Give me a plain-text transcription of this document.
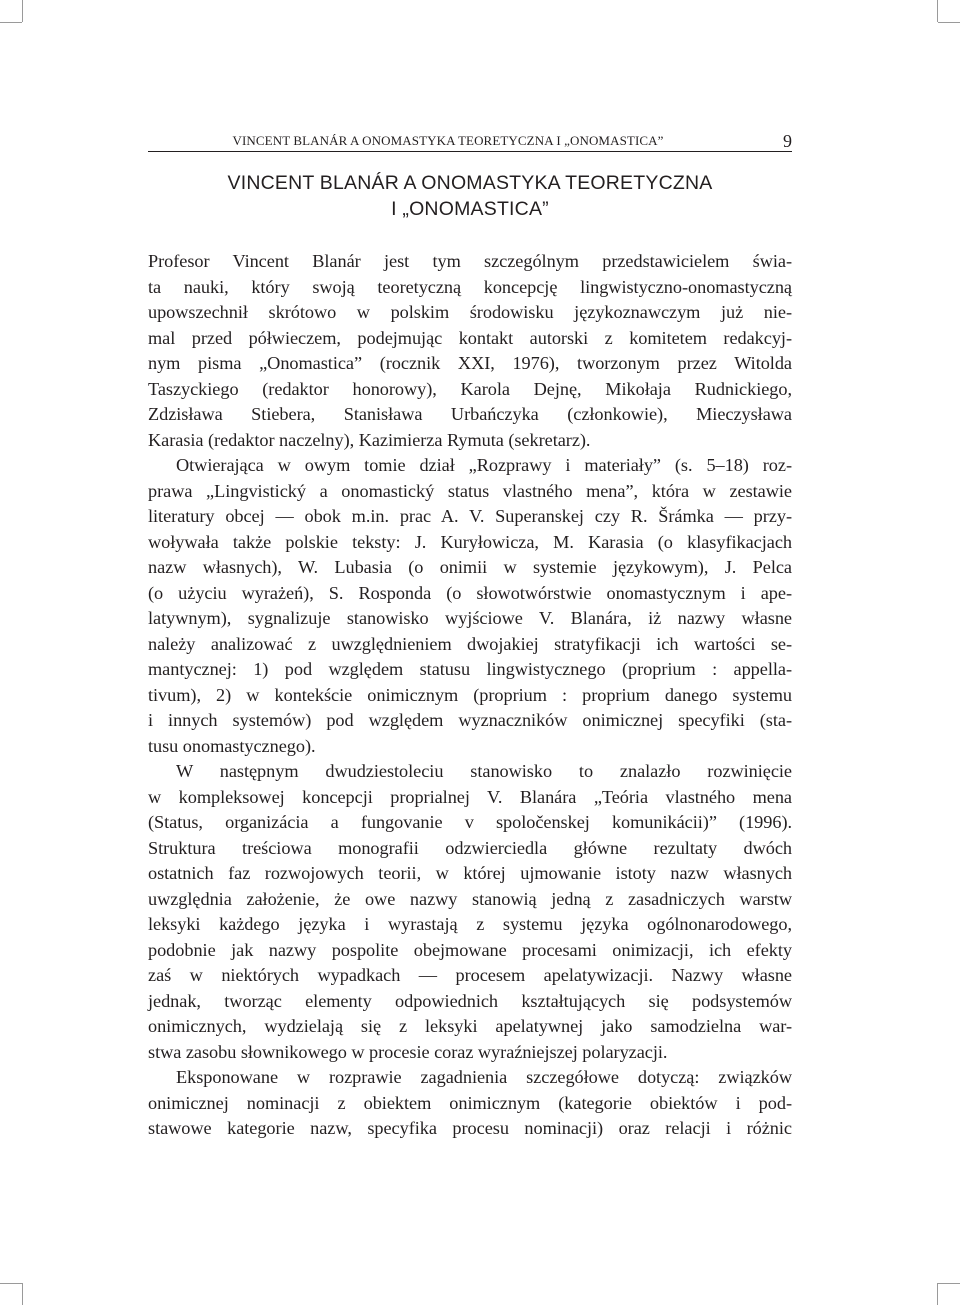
VINCENT BLANÁR A ONOMASTYKA TEORETYCZNA I „ONOMASTICA”	9
VINCENT BLANÁR A ONOMASTYKA TEORETYCZNA
I „ONOMASTICA”
Profesor Vincent Blanár jest tym szczególnym przedstawicielem świa-
ta nauki, który swoją teoretyczną koncepcję lingwistyczno-onomastyczną
upowszechnił skrótowo w polskim środowisku językoznawczym już nie-
mal przed półwieczem, podejmując kontakt autorski z komitetem redakcyj-
nym pisma „Onomastica” (rocznik XXI, 1976), tworzonym przez Witolda
Taszyckiego (redaktor honorowy), Karola Dejnę, Mikołaja Rudnickiego,
Zdzisława Stiebera, Stanisława Urbańczyka (członkowie), Mieczysława
Karasia (redaktor naczelny), Kazimierza Rymuta (sekretarz).
Otwierająca w owym tomie dział „Rozprawy i materiały” (s. 5–18) roz-
prawa „Lingvistický a onomastický status vlastného mena”, która w zestawie
literatury obcej — obok m.in. prac A. V. Superanskej czy R. Šrámka — przy-
woływała także polskie teksty: J. Kuryłowicza, M. Karasia (o klasyfikacjach
nazw własnych), W. Lubasia (o onimii w systemie językowym), J. Pelca
(o użyciu wyrażeń), S. Rosponda (o słowotwórstwie onomastycznym i ape-
latywnym), sygnalizuje stanowisko wyjściowe V. Blanára, iż nazwy własne
należy analizować z uwzględnieniem dwojakiej stratyfikacji ich wartości se-
mantycznej: 1) pod względem statusu lingwistycznego (proprium : appella-
tivum), 2) w kontekście onimicznym (proprium : proprium danego systemu
i innych systemów) pod względem wyznaczników onimicznej specyfiki (sta-
tusu onomastycznego).
W następnym dwudziestoleciu stanowisko to znalazło rozwinięcie
w kompleksowej koncepcji proprialnej V. Blanára „Teória vlastného mena
(Status, organizácia a fungovanie v spoločenskej komunikácii)” (1996).
Struktura treściowa monografii odzwierciedla główne rezultaty dwóch
ostatnich faz rozwojowych teorii, w której ujmowanie istoty nazw własnych
uwzględnia założenie, że owe nazwy stanowią jedną z zasadniczych warstw
leksyki każdego języka i wyrastają z systemu języka ogólnonarodowego,
podobnie jak nazwy pospolite obejmowane procesami onimizacji, ich efekty
zaś w niektórych wypadkach — procesem apelatywizacji. Nazwy własne
jednak, tworząc elementy odpowiednich kształtujących się podsystemów
onimicznych, wydzielają się z leksyki apelatywnej jako samodzielna war-
stwa zasobu słownikowego w procesie coraz wyraźniejszej polaryzacji.
Eksponowane w rozprawie zagadnienia szczegółowe dotyczą: związków
onimicznej nominacji z obiektem onimicznym (kategorie obiektów i pod-
stawowe kategorie nazw, specyfika procesu nominacji) oraz relacji i różnic
